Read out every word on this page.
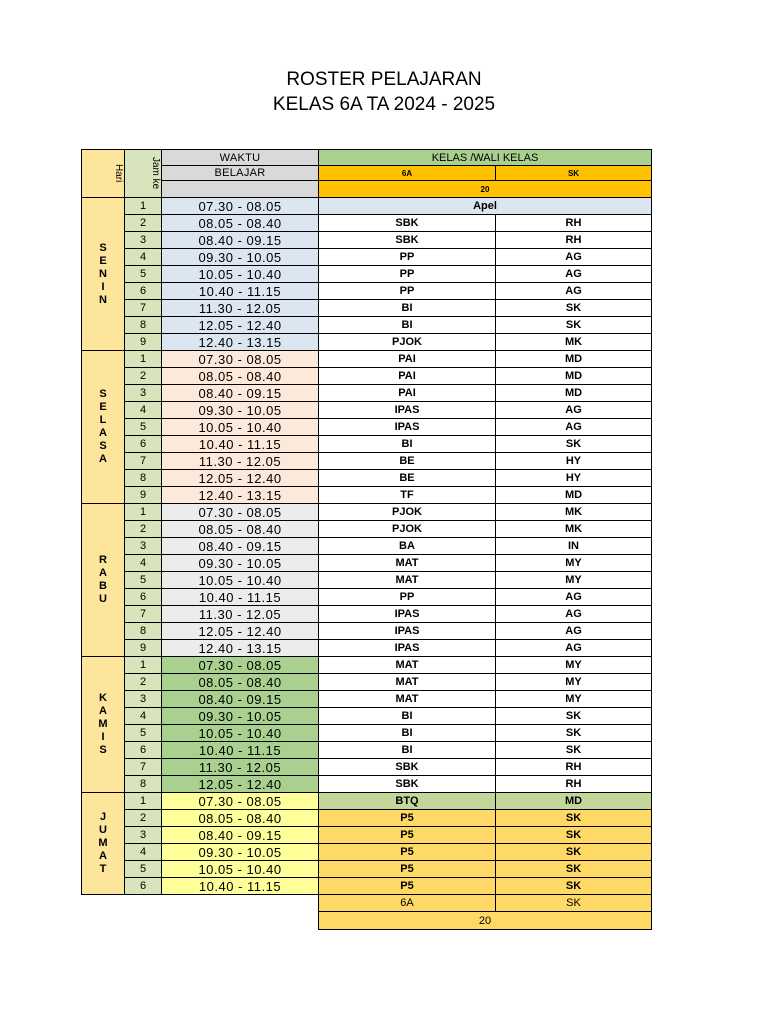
ROSTER PELAJARAN
KELAS 6A TA 2024 - 2025
Hari	Jam ke	WAKTU
BELAJAR
KELAS /WALI KELAS
6A	SK
20
1	07.30 - 08.05	Apel
2	08.05 - 08.40	SBK	RH
3	08.40 - 09.15	SBK	RH
4	09.30 - 10.05	PP	AG
5	10.05 - 10.40	PP	AG
6	10.40 - 11.15	PP	AG
7	11.30 - 12.05	BI	SK
8	12.05 - 12.40	BI	SK
9	12.40 - 13.15	PJOK	MK
SENIN
1	07.30 - 08.05	PAI	MD
2	08.05 - 08.40	PAI	MD
3	08.40 - 09.15	PAI	MD
4	09.30 - 10.05	IPAS	AG
5	10.05 - 10.40	IPAS	AG
6	10.40 - 11.15	BI	SK
7	11.30 - 12.05	BE	HY
8	12.05 - 12.40	BE	HY
9	12.40 - 13.15	TF	MD
SELASA
1	07.30 - 08.05	PJOK	MK
2	08.05 - 08.40	PJOK	MK
3	08.40 - 09.15	BA	IN
4	09.30 - 10.05	MAT	MY
5	10.05 - 10.40	MAT	MY
6	10.40 - 11.15	PP	AG
7	11.30 - 12.05	IPAS	AG
8	12.05 - 12.40	IPAS	AG
9	12.40 - 13.15	IPAS	AG
RABU
1	07.30 - 08.05	MAT	MY
2	08.05 - 08.40	MAT	MY
3	08.40 - 09.15	MAT	MY
4	09.30 - 10.05	BI	SK
5	10.05 - 10.40	BI	SK
6	10.40 - 11.15	BI	SK
7	11.30 - 12.05	SBK	RH
8	12.05 - 12.40	SBK	RH
KAMIS
1	07.30 - 08.05	BTQ	MD
2	08.05 - 08.40	P5	SK
3	08.40 - 09.15	P5	SK
4	09.30 - 10.05	P5	SK
5	10.05 - 10.40	P5	SK
6	10.40 - 11.15	P5	SK
JUMAT
6A	SK
20
